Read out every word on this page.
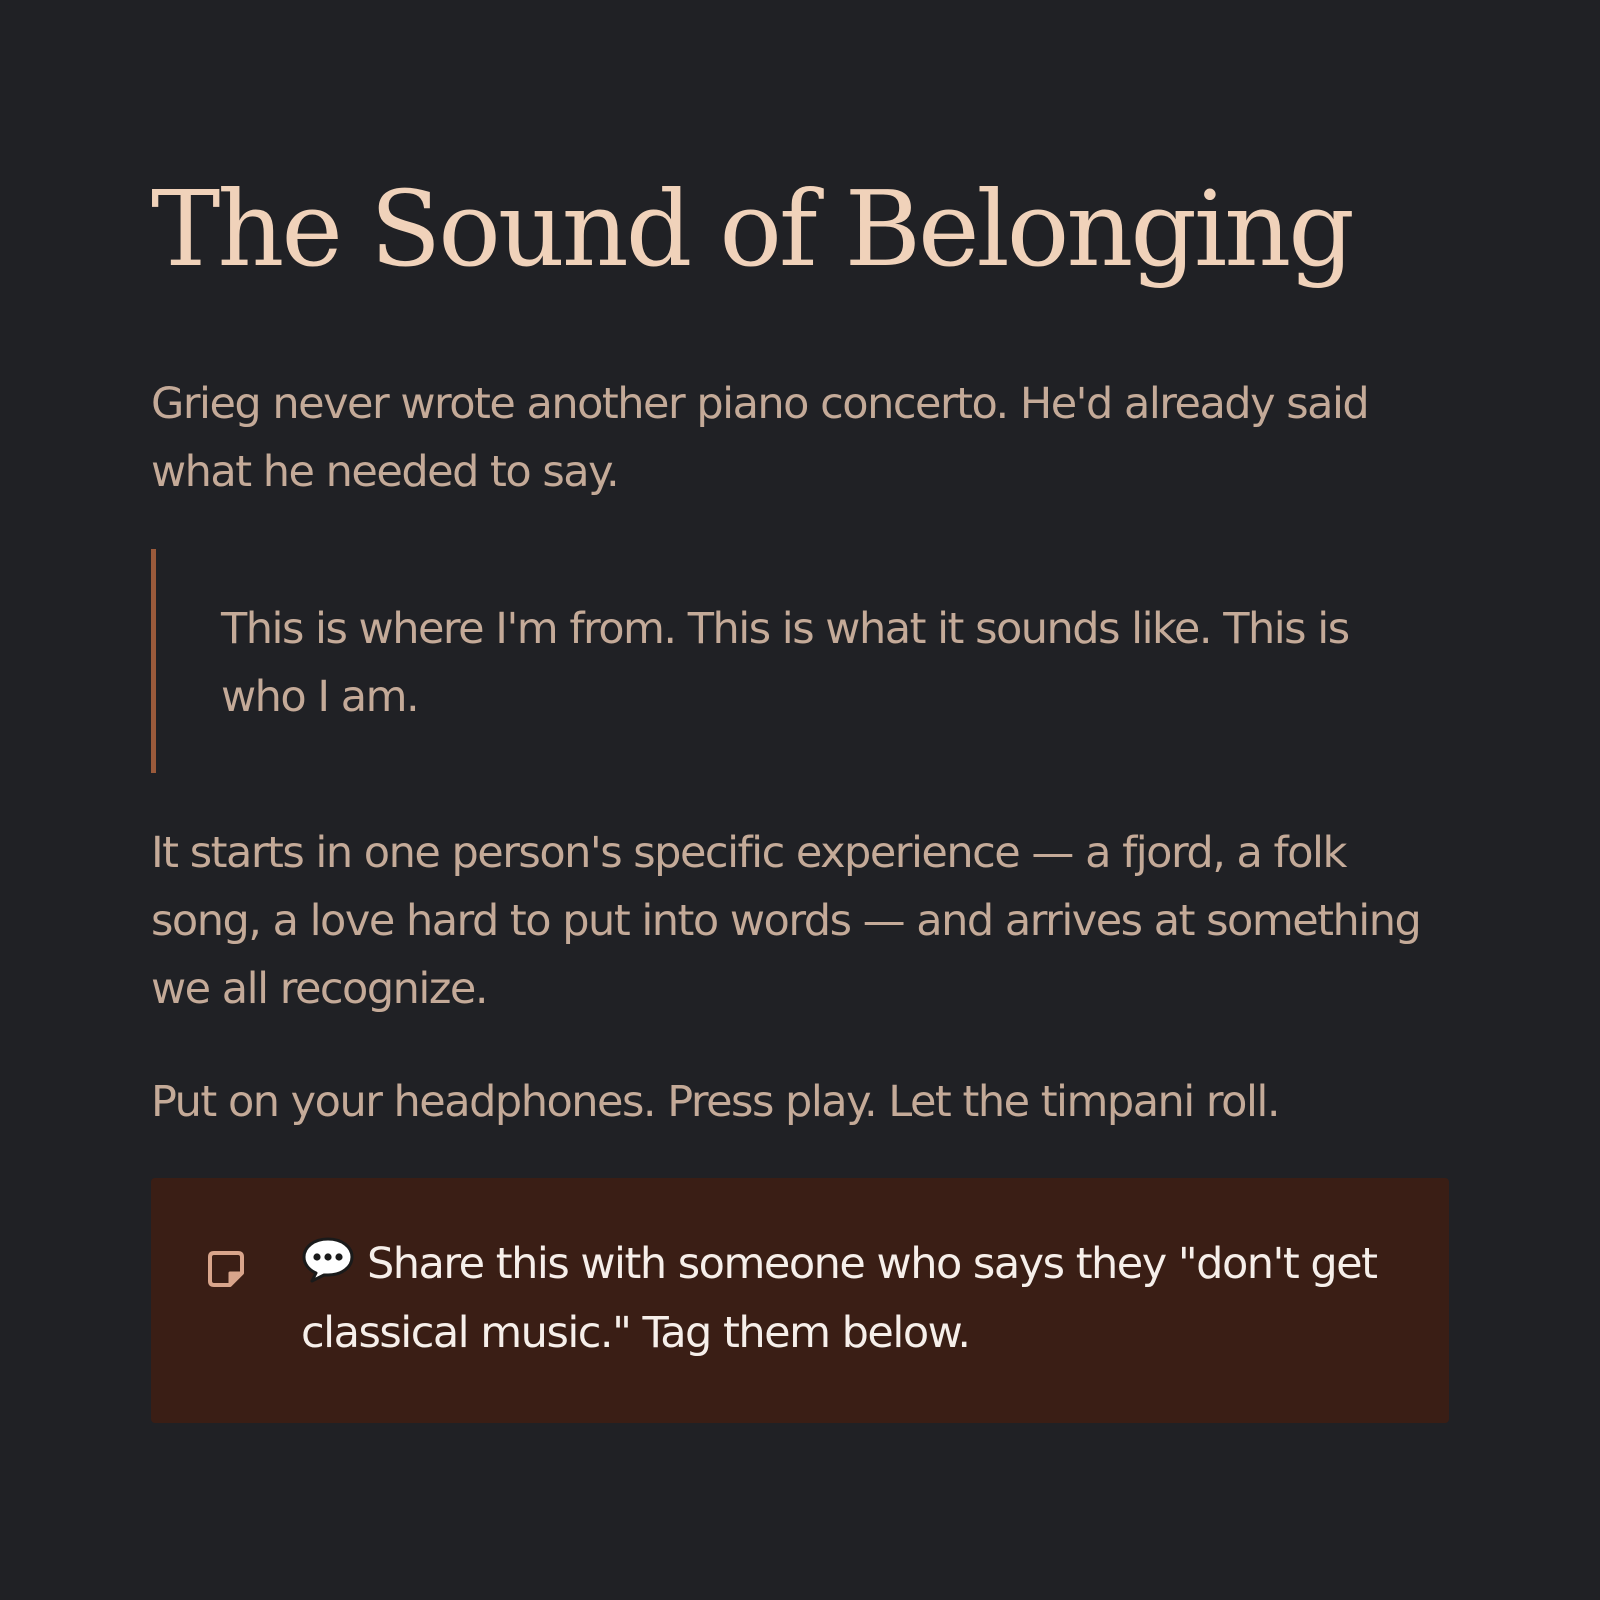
The Sound of Belonging

Grieg never wrote another piano concerto. He'd already said what he needed to say.

This is where I'm from. This is what it sounds like. This is who I am.

It starts in one person's specific experience — a fjord, a folk song, a love hard to put into words — and arrives at something we all recognize.

Put on your headphones. Press play. Let the timpani roll.

Share this with someone who says they "don't get classical music." Tag them below.
